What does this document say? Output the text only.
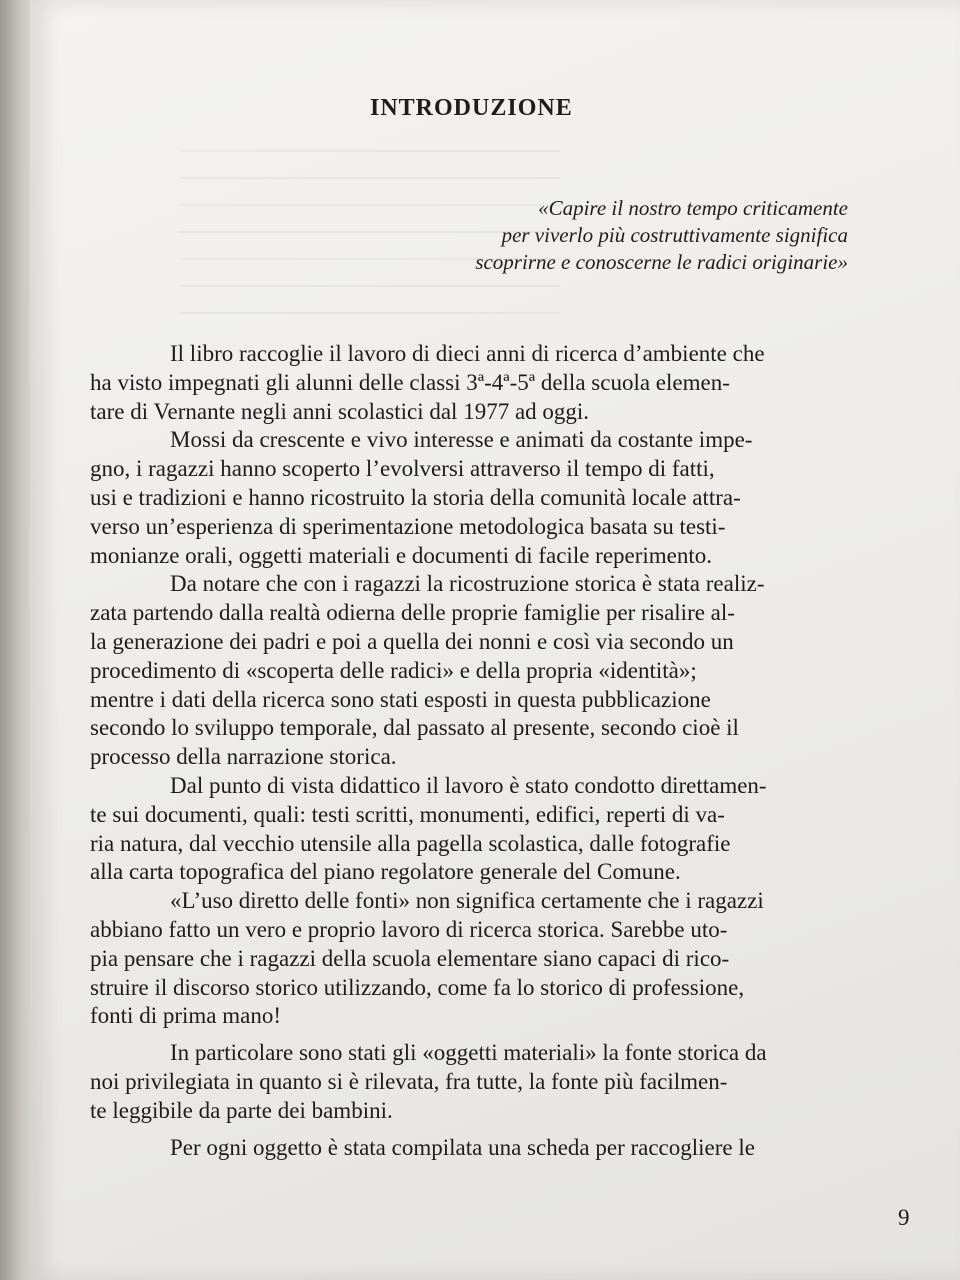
INTRODUZIONE
«Capire il nostro tempo criticamente
per viverlo più costruttivamente significa
scoprirne e conoscerne le radici originarie»
Il libro raccoglie il lavoro di dieci anni di ricerca d’ambiente che
ha visto impegnati gli alunni delle classi 3ª-4ª-5ª della scuola elemen-
tare di Vernante negli anni scolastici dal 1977 ad oggi.
Mossi da crescente e vivo interesse e animati da costante impe-
gno, i ragazzi hanno scoperto l’evolversi attraverso il tempo di fatti,
usi e tradizioni e hanno ricostruito la storia della comunità locale attra-
verso un’esperienza di sperimentazione metodologica basata su testi-
monianze orali, oggetti materiali e documenti di facile reperimento.
Da notare che con i ragazzi la ricostruzione storica è stata realiz-
zata partendo dalla realtà odierna delle proprie famiglie per risalire al-
la generazione dei padri e poi a quella dei nonni e così via secondo un
procedimento di «scoperta delle radici» e della propria «identità»;
mentre i dati della ricerca sono stati esposti in questa pubblicazione
secondo lo sviluppo temporale, dal passato al presente, secondo cioè il
processo della narrazione storica.
Dal punto di vista didattico il lavoro è stato condotto direttamen-
te sui documenti, quali: testi scritti, monumenti, edifici, reperti di va-
ria natura, dal vecchio utensile alla pagella scolastica, dalle fotografie
alla carta topografica del piano regolatore generale del Comune.
«L’uso diretto delle fonti» non significa certamente che i ragazzi
abbiano fatto un vero e proprio lavoro di ricerca storica. Sarebbe uto-
pia pensare che i ragazzi della scuola elementare siano capaci di rico-
struire il discorso storico utilizzando, come fa lo storico di professione,
fonti di prima mano!
In particolare sono stati gli «oggetti materiali» la fonte storica da
noi privilegiata in quanto si è rilevata, fra tutte, la fonte più facilmen-
te leggibile da parte dei bambini.
Per ogni oggetto è stata compilata una scheda per raccogliere le
9
